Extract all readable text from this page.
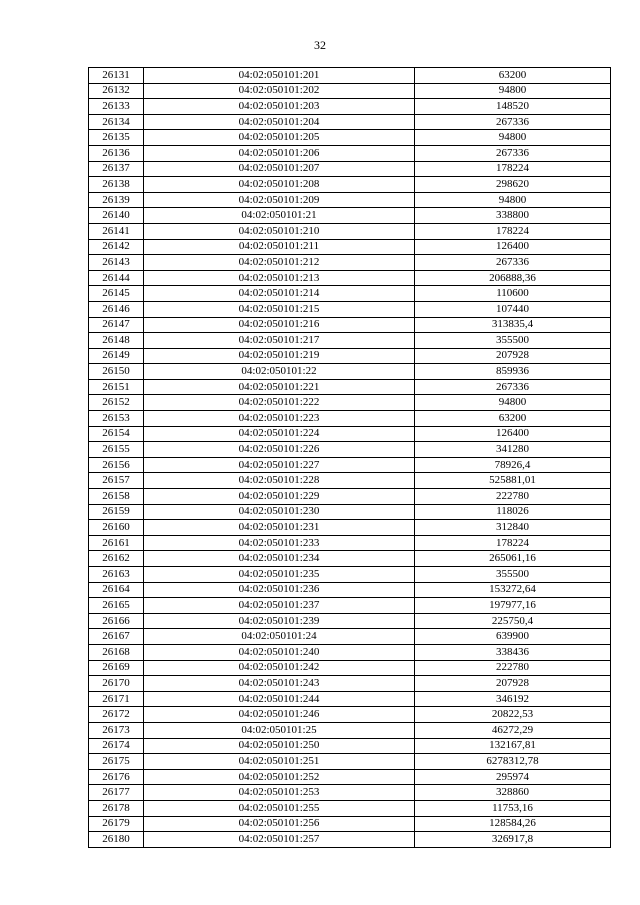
32
26131	04:02:050101:201	63200
26132	04:02:050101:202	94800
26133	04:02:050101:203	148520
26134	04:02:050101:204	267336
26135	04:02:050101:205	94800
26136	04:02:050101:206	267336
26137	04:02:050101:207	178224
26138	04:02:050101:208	298620
26139	04:02:050101:209	94800
26140	04:02:050101:21	338800
26141	04:02:050101:210	178224
26142	04:02:050101:211	126400
26143	04:02:050101:212	267336
26144	04:02:050101:213	206888,36
26145	04:02:050101:214	110600
26146	04:02:050101:215	107440
26147	04:02:050101:216	313835,4
26148	04:02:050101:217	355500
26149	04:02:050101:219	207928
26150	04:02:050101:22	859936
26151	04:02:050101:221	267336
26152	04:02:050101:222	94800
26153	04:02:050101:223	63200
26154	04:02:050101:224	126400
26155	04:02:050101:226	341280
26156	04:02:050101:227	78926,4
26157	04:02:050101:228	525881,01
26158	04:02:050101:229	222780
26159	04:02:050101:230	118026
26160	04:02:050101:231	312840
26161	04:02:050101:233	178224
26162	04:02:050101:234	265061,16
26163	04:02:050101:235	355500
26164	04:02:050101:236	153272,64
26165	04:02:050101:237	197977,16
26166	04:02:050101:239	225750,4
26167	04:02:050101:24	639900
26168	04:02:050101:240	338436
26169	04:02:050101:242	222780
26170	04:02:050101:243	207928
26171	04:02:050101:244	346192
26172	04:02:050101:246	20822,53
26173	04:02:050101:25	46272,29
26174	04:02:050101:250	132167,81
26175	04:02:050101:251	6278312,78
26176	04:02:050101:252	295974
26177	04:02:050101:253	328860
26178	04:02:050101:255	11753,16
26179	04:02:050101:256	128584,26
26180	04:02:050101:257	326917,8
